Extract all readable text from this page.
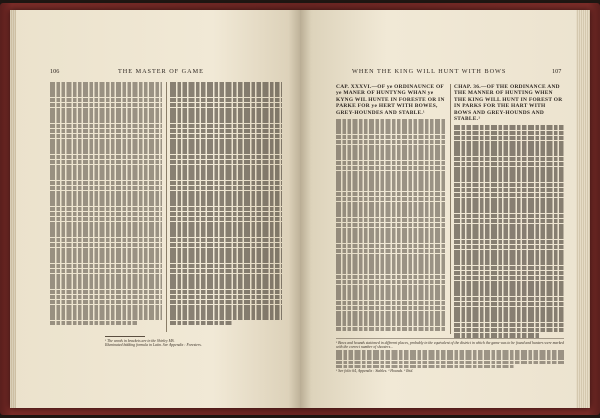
106	THE MASTER OF GAME
¹ The words in brackets are in the Shirley MS.
Illuminated bidding formula in Latin. See Appendix : Foresters.
WHEN THE KING WILL HUNT WITH BOWS	107
CAP. XXXVI.—OF ye ORDINAUNCE OF ye MANER OF HUNTYNG WHAN ye KYNG WIL HUNTE IN FORESTE OR IN PARKE FOR ye HERT WITH BOWES, GREY-HOUNDES AND STABLE.¹
CHAP. 36.—OF THE ORDINANCE AND THE MANNER OF HUNTING WHEN THE KING WILL HUNT IN FOREST OR IN PARKS FOR THE HART WITH BOWS AND GREY-HOUNDS AND STABLE.¹
¹ Bows and hounds stationed in different places, probably in the equivalent of the district in which the game was to be found and hunters were marked with the correct number of shooters...
¹ See folio 64, Appendix : Stables. ² Hounds. ³ Ibid.
